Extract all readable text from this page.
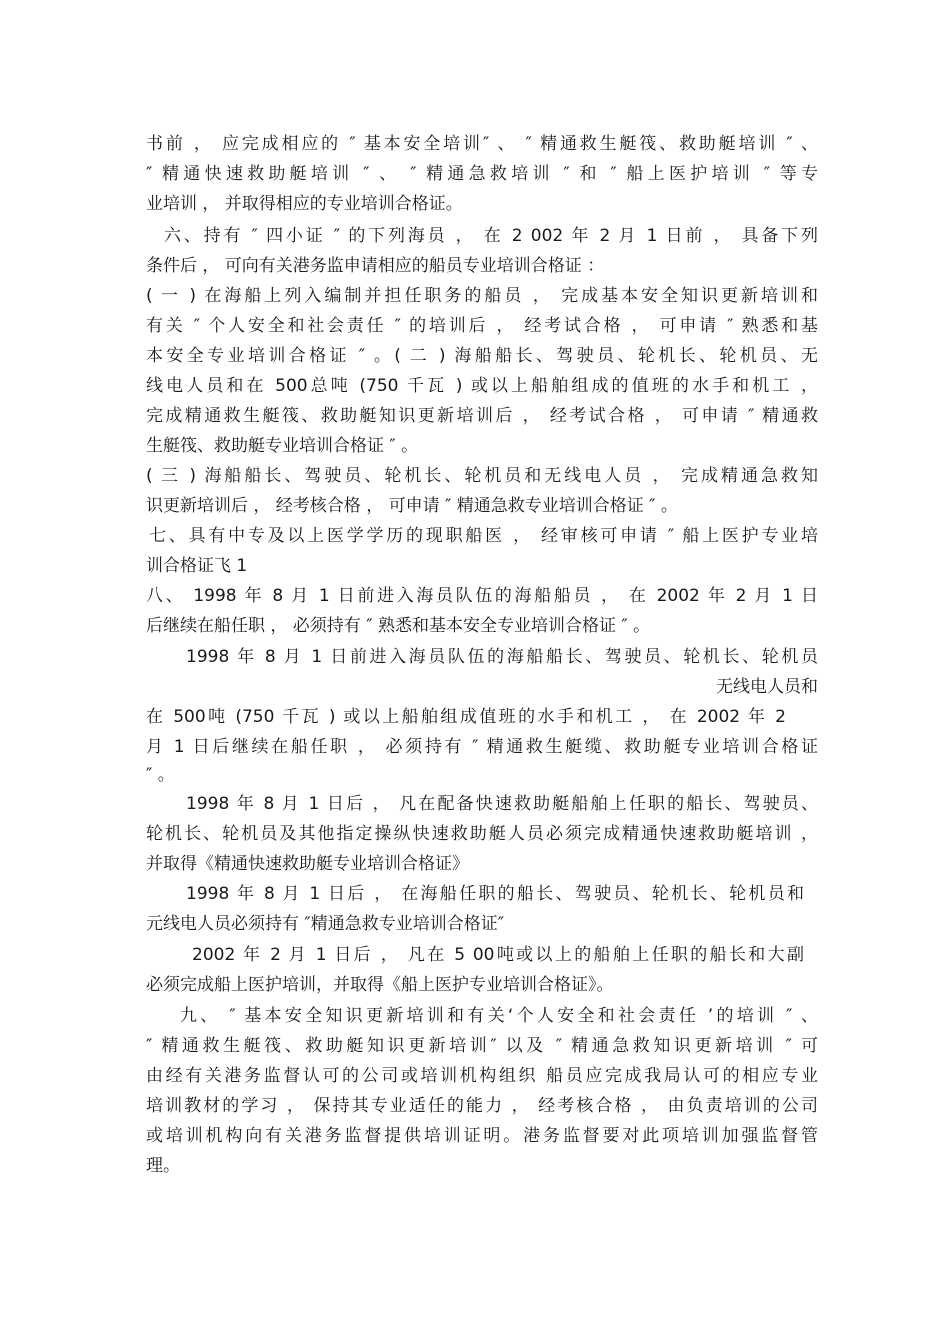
书前 ， 应完成相应的 ″ 基本安全培训″ 、 ″ 精通救生艇筏、救助艇培训 ″ 、
″ 精通快速救助艇培训 ″ 、 ″ 精通急救培训 ″ 和 ″ 船上医护培训 ″ 等专
业培训 ， 并取得相应的专业培训合格证。
六、持有 ″ 四小证 ″ 的下列海员 ， 在 2 002 年 2 月 1 日前 ， 具备下列
条件后 ， 可向有关港务监申请相应的船员专业培训合格证 ：
( 一 ) 在海船上列入编制并担任职务的船员 ， 完成基本安全知识更新培训和
有关 ″ 个人安全和社会责任 ″ 的培训后 ， 经考试合格 ， 可申请 ″ 熟悉和基
本安全专业培训合格证 ″ 。( 二 ) 海船船长、驾驶员、轮机长、轮机员、无
线电人员和在 500总吨 (750 千瓦 ) 或以上船舶组成的值班的水手和机工 ，
完成精通救生艇筏、救助艇知识更新培训后 ， 经考试合格 ， 可申请 ″ 精通救
生艇筏、救助艇专业培训合格证 ″ 。
( 三 ) 海船船长、驾驶员、轮机长、轮机员和无线电人员 ， 完成精通急救知
识更新培训后 ， 经考核合格 ， 可申请 ″ 精通急救专业培训合格证 ″ 。
七、具有中专及以上医学学历的现职船医 ， 经审核可申请 ″ 船上医护专业培
训合格证飞 1
八、 1998 年 8 月 1 日前进入海员队伍的海船船员 ， 在 2002 年 2 月 1 日
后继续在船任职 ， 必须持有 ″ 熟悉和基本安全专业培训合格证 ″ 。
1998 年 8 月 1 日前进入海员队伍的海船船长、驾驶员、轮机长、轮机员
无线电人员和
在 500吨 (750 千瓦 ) 或以上船舶组成值班的水手和机工 ， 在 2002 年 2
月 1 日后继续在船任职 ， 必须持有 ″ 精通救生艇缆、救助艇专业培训合格证
″ 。
1998 年 8 月 1 日后 ， 凡在配备快速救助艇船舶上任职的船长、驾驶员、
轮机长、轮机员及其他指定操纵快速救助艇人员必须完成精通快速救助艇培训 ，
并取得《精通快速救助艇专业培训合格证》
1998 年 8 月 1 日后 ， 在海船任职的船长、驾驶员、轮机长、轮机员和
元线电人员必须持有 ″精通急救专业培训合格证″
2002 年 2 月 1 日后 ， 凡在 5 00吨或以上的船舶上任职的船长和大副
必须完成船上医护培训，并取得《船上医护专业培训合格证》。
九、 ″ 基本安全知识更新培训和有关‘个人安全和社会责任 ’的培训 ″ 、
″ 精通救生艇筏、救助艇知识更新培训″ 以及 ″ 精通急救知识更新培训 ″ 可
由经有关港务监督认可的公司或培训机构组织 船员应完成我局认可的相应专业
培训教材的学习 ， 保持其专业适任的能力 ， 经考核合格 ， 由负责培训的公司
或培训机构向有关港务监督提供培训证明。港务监督要对此项培训加强监督管
理。
